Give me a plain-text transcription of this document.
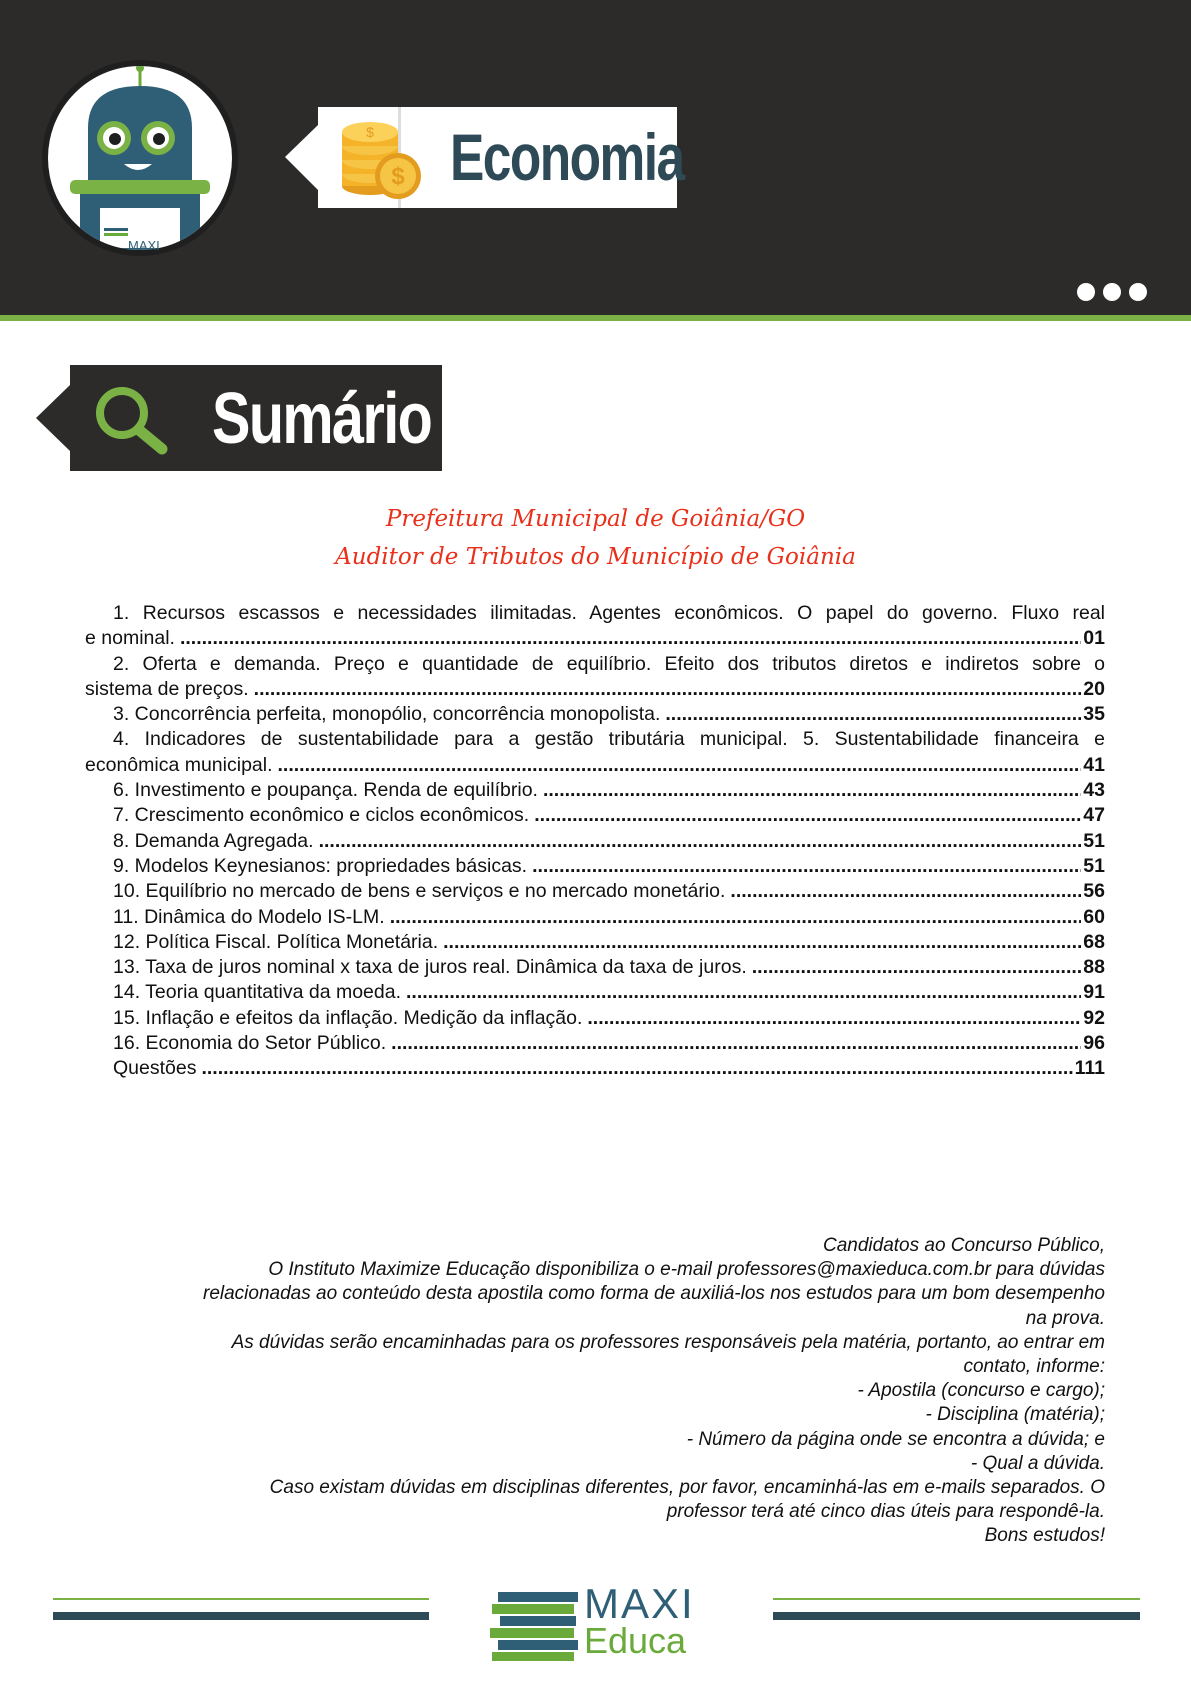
MAXI
$
$ Economia
Sumário
Prefeitura Municipal de Goiânia/GO
Auditor de Tributos do Município de Goiânia
1. Recursos escassos e necessidades ilimitadas. Agentes econômicos. O papel do governo. Fluxo real
e nominal. .....	01
2. Oferta e demanda. Preço e quantidade de equilíbrio. Efeito dos tributos diretos e indiretos sobre o
sistema de preços. .....	20
3. Concorrência perfeita, monopólio, concorrência monopolista. .....	35
4. Indicadores de sustentabilidade para a gestão tributária municipal. 5. Sustentabilidade financeira e
econômica municipal. .....	41
6. Investimento e poupança. Renda de equilíbrio. .....	43
7. Crescimento econômico e ciclos econômicos. .....	47
8. Demanda Agregada. .....	51
9. Modelos Keynesianos: propriedades básicas. .....	51
10. Equilíbrio no mercado de bens e serviços e no mercado monetário. .....	56
11. Dinâmica do Modelo IS-LM. .....	60
12. Política Fiscal. Política Monetária. .....	68
13. Taxa de juros nominal x taxa de juros real. Dinâmica da taxa de juros. .....	88
14. Teoria quantitativa da moeda. .....	91
15. Inflação e efeitos da inflação. Medição da inflação. .....	92
16. Economia do Setor Público. .....	96
Questões .....	111

Candidatos ao Concurso Público,

O Instituto Maximize Educação disponibiliza o e-mail professores@maxieduca.com.br para dúvidas

relacionadas ao conteúdo desta apostila como forma de auxiliá-los nos estudos para um bom desempenho

na prova.

As dúvidas serão encaminhadas para os professores responsáveis pela matéria, portanto, ao entrar em

contato, informe:

- Apostila (concurso e cargo);

- Disciplina (matéria);

- Número da página onde se encontra a dúvida; e

- Qual a dúvida.

Caso existam dúvidas em disciplinas diferentes, por favor, encaminhá-las em e-mails separados. O

professor terá até cinco dias úteis para respondê-la.

Bons estudos!

MAXI
Educa
